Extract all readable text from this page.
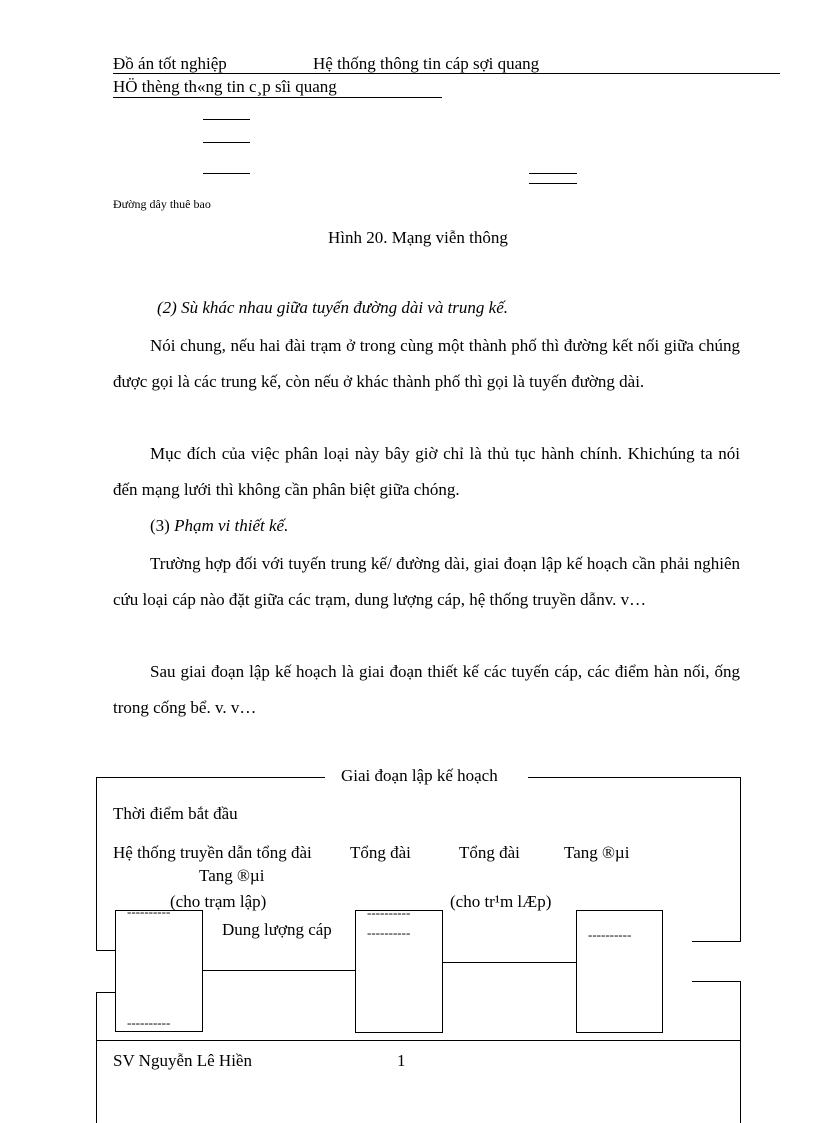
Đồ án tốt nghiệp	Hệ thống thông tin cáp sợi quang
HÖ thèng th«ng tin c¸p sîi quang
Đường dây thuê bao
Hình 20. Mạng viễn thông
(2) Sù khác nhau giữa tuyến đường dài và trung kế.
Nói chung, nếu hai đài trạm ở trong cùng một thành phố thì đường kết nối giữa chúng được gọi là các trung kế, còn nếu ở khác thành phố thì gọi là tuyến đường dài.
Mục đích của việc phân loại này bây giờ chỉ là thủ tục hành chính. Khichúng ta nói đến mạng lưới thì không cần phân biệt giữa chóng.
(3) Phạm vi thiết kế.
Trường hợp đối với tuyến trung kế/ đường dài, giai đoạn lập kế hoạch cần phải nghiên cứu loại cáp nào đặt giữa các trạm, dung lượng cáp, hệ thống truyền dẫnv. v…
Sau giai đoạn lập kế hoạch là giai đoạn thiết kế các tuyến cáp, các điểm hàn nối, ống trong cống bể. v. v…
Giai đoạn lập kế hoạch
Thời điểm bắt đầu
Hệ thống truyền dẫn tổng đài Tổng đài	Tổng đài	Tang ®µi
Tang ®µi
(cho trạm lập)	(cho tr¹m lÆp)
Dung lượng cáp
----------
----------
----------
----------	----------
SV Nguyễn Lê Hiền	1
